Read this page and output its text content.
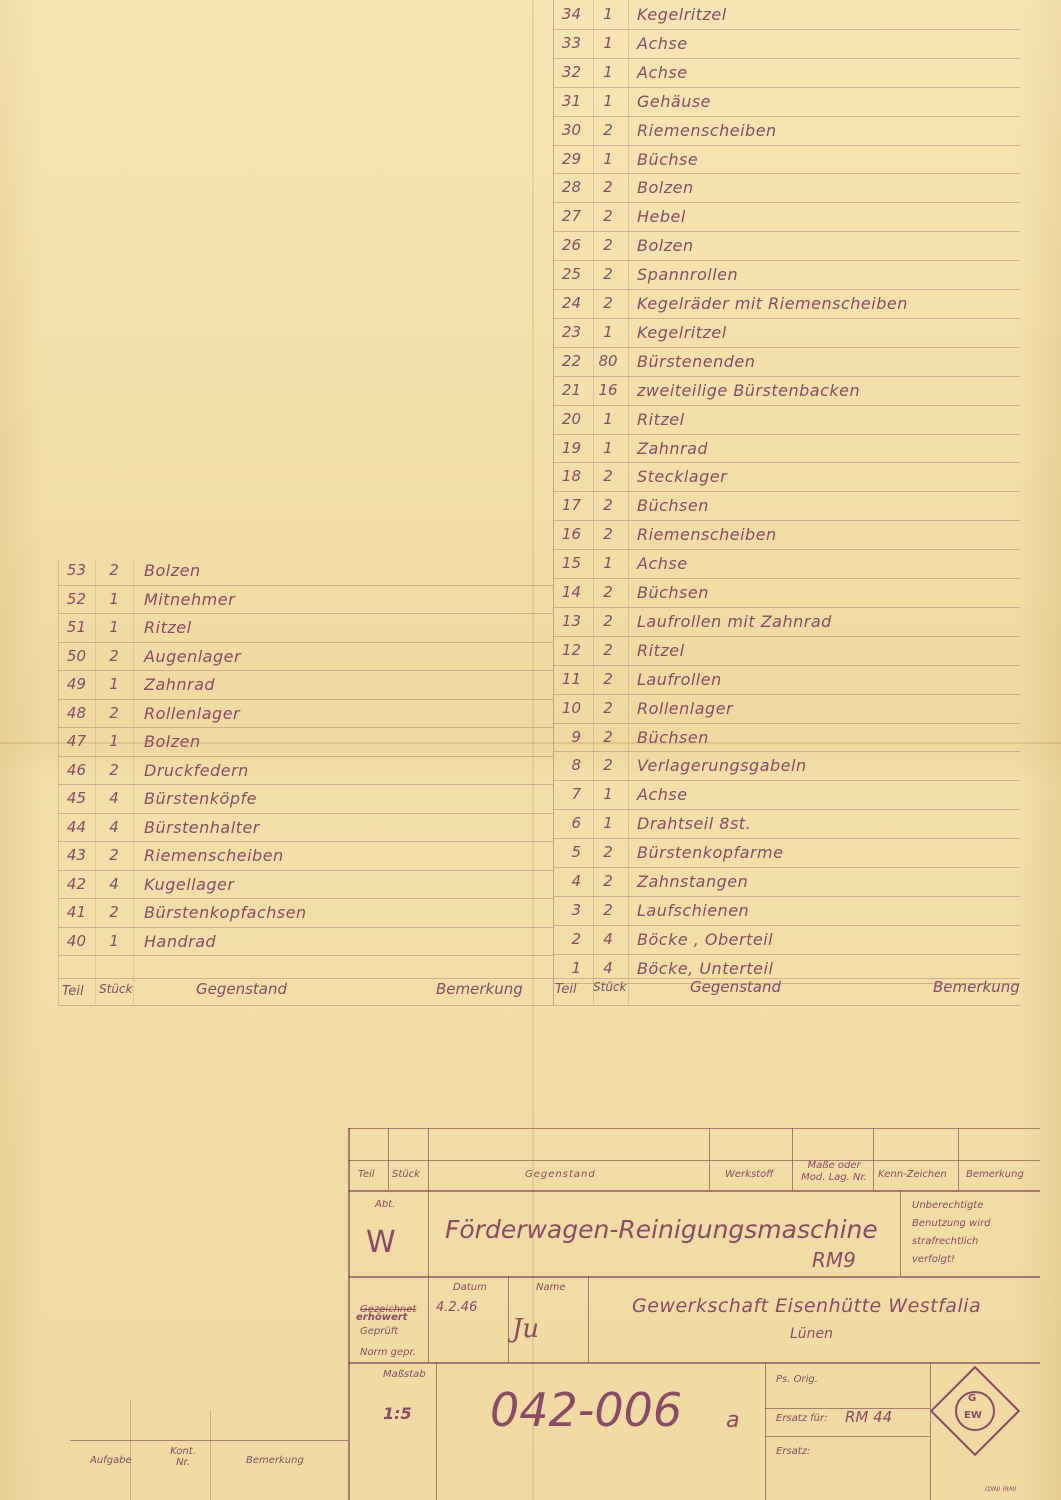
34	1	Kegelritzel
33	1	Achse
32	1	Achse
31	1	Gehäuse
30	2	Riemenscheiben
29	1	Büchse
28	2	Bolzen
27	2	Hebel
26	2	Bolzen
25	2	Spannrollen
24	2	Kegelräder mit Riemenscheiben
23	1	Kegelritzel
22 80 Bürstenenden
21 16 zweiteilige Bürstenbacken
20	1	Ritzel
19	1	Zahnrad
18	2	Stecklager
17	2	Büchsen
16	2	Riemenscheiben
15	1	Achse
14	2	Büchsen
13	2	Laufrollen mit Zahnrad
12	2	Ritzel
11	2	Laufrollen
10	2	Rollenlager
9	2	Büchsen
8	2	Verlagerungsgabeln
7	1	Achse
6	1	Drahtseil 8st.
5	2	Bürstenkopfarme
4	2	Zahnstangen
3	2	Laufschienen
2	4	Böcke , Oberteil
1	4	Böcke, Unterteil
53	2	Bolzen
52	1	Mitnehmer
51	1	Ritzel
50	2	Augenlager
49	1	Zahnrad
48	2	Rollenlager
47	1	Bolzen
46	2	Druckfedern
45	4	Bürstenköpfe
44	4	Bürstenhalter
43	2	Riemenscheiben
42	4	Kugellager
41	2	Bürstenkopfachsen
40	1	Handrad
Teil Stück	Gegenstand	Bemerkung Teil Stück	Gegenstand	Bemerkung
Teil Stück	Gegenstand	Werkstoff
Maße oder Mod. Lag. Nr.	Kenn-Zeichen Bemerkung
Abt.
W Förderwagen-Reinigungsmaschine
RM9
Unberechtigte Benutzung wird strafrechtlich verfolgt!
Datum	Name
Gezeichnet
erhöwert
4.2.46
Ju
Geprüft
Norm gepr.
Gewerkschaft Eisenhütte Westfalia
Lünen
Maßstab
1:5 042-006 a
Ps. Orig.
Ersatz für: RM 44
Ersatz:
G
EW
Aufgabe
Kont. Nr.	Bemerkung
(DIN) (RM)
